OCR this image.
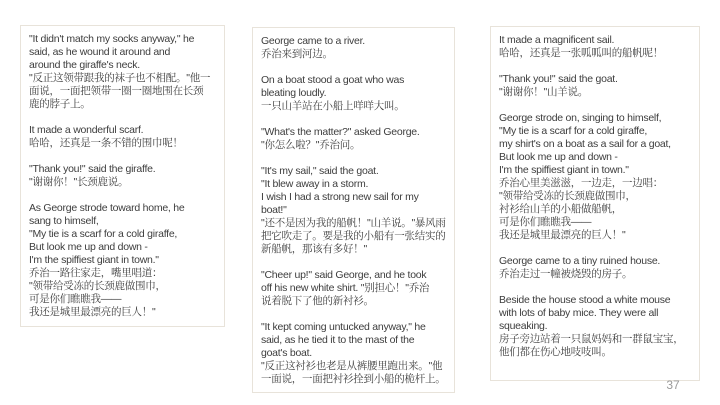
"It didn't match my socks anyway," he
said, as he wound it around and
around the giraffe's neck.
"反正这领带跟我的袜子也不相配。"他一
面说，一面把领带一圈一圈地围在长颈
鹿的脖子上。
It made a wonderful scarf.
哈哈，还真是一条不错的围巾呢！
"Thank you!" said the giraffe.
"谢谢你！"长颈鹿说。
As George strode toward home, he
sang to himself,
"My tie is a scarf for a cold giraffe,
But look me up and down -
I'm the spiffiest giant in town."
乔治一路往家走，嘴里唱道：
"领带给受冻的长颈鹿做围巾，
可是你们瞧瞧我——
我还是城里最漂亮的巨人！"
George came to a river.
乔治来到河边。
On a boat stood a goat who was
bleating loudly.
一只山羊站在小船上咩咩大叫。
"What's the matter?" asked George.
"你怎么啦？"乔治问。
"It's my sail," said the goat.
"It blew away in a storm.
I wish I had a strong new sail for my
boat!"
"还不是因为我的船帆！"山羊说。"暴风雨
把它吹走了。要是我的小船有一张结实的
新船帆，那该有多好！"
"Cheer up!" said George, and he took
off his new white shirt. "别担心！"乔治
说着脱下了他的新衬衫。
"It kept coming untucked anyway," he
said, as he tied it to the mast of the
goat's boat.
"反正这衬衫也老是从裤腰里跑出来。"他
一面说，一面把衬衫拴到小船的桅杆上。
It made a magnificent sail.
哈哈，还真是一张呱呱叫的船帆呢！
"Thank you!" said the goat.
"谢谢你！"山羊说。
George strode on, singing to himself,
"My tie is a scarf for a cold giraffe,
my shirt's on a boat as a sail for a goat,
But look me up and down -
I'm the spiffiest giant in town."
乔治心里美滋滋，一边走，一边唱：
"领带给受冻的长颈鹿做围巾，
衬衫给山羊的小船做船帆，
可是你们瞧瞧我——
我还是城里最漂亮的巨人！"
George came to a tiny ruined house.
乔治走过一幢被烧毁的房子。
Beside the house stood a white mouse
with lots of baby mice. They were all
squeaking.
房子旁边站着一只鼠妈妈和一群鼠宝宝，
他们都在伤心地吱吱叫。
37
